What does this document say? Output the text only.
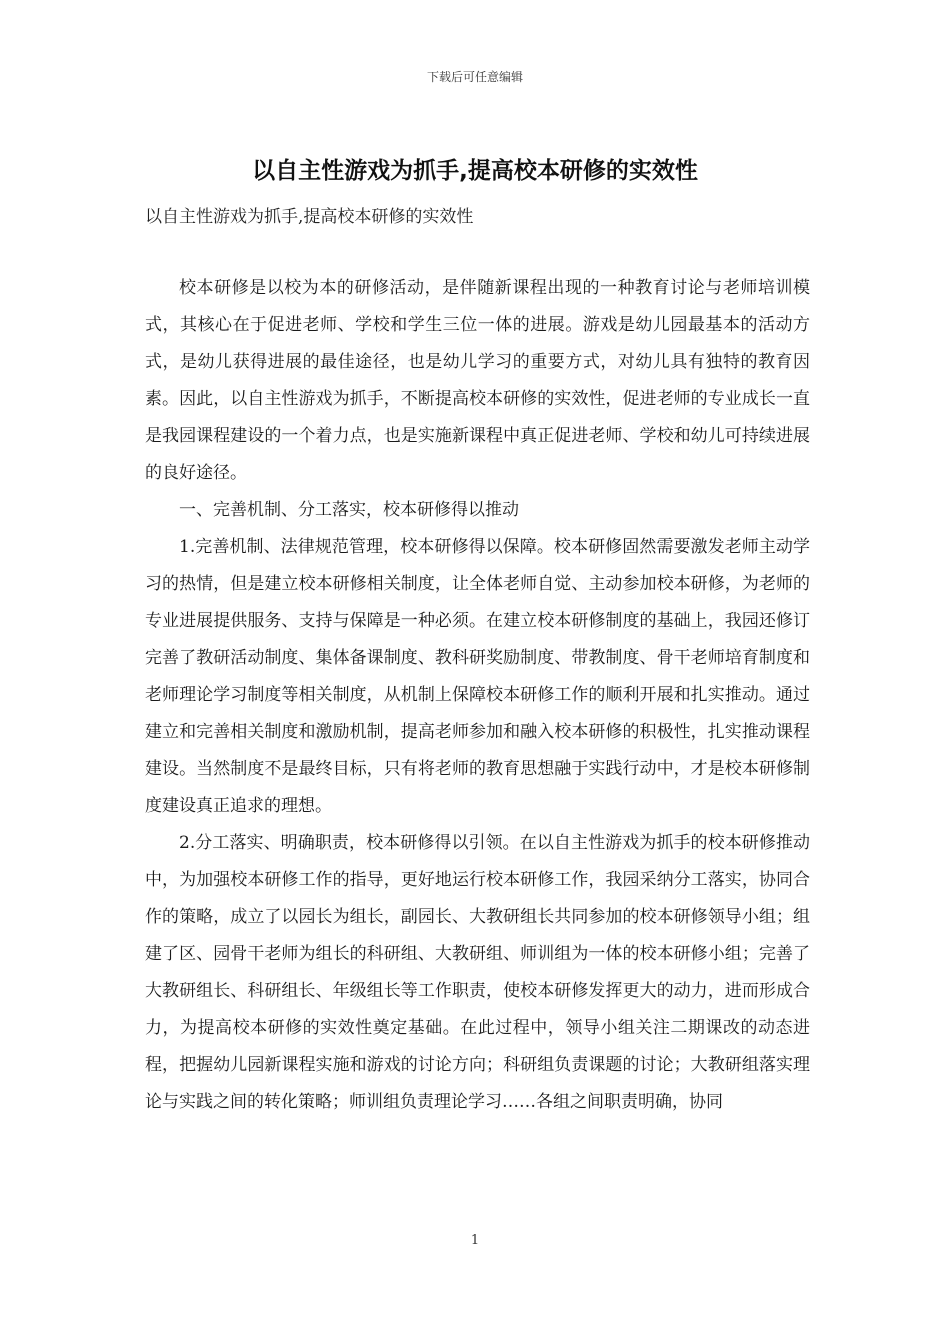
下载后可任意编辑
以自主性游戏为抓手,提高校本研修的实效性
以自主性游戏为抓手,提高校本研修的实效性

校本研修是以校为本的研修活动，是伴随新课程出现的一种教育讨论与老师培训模式，其核心在于促进老师、学校和学生三位一体的进展。游戏是幼儿园最基本的活动方式，是幼儿获得进展的最佳途径，也是幼儿学习的重要方式，对幼儿具有独特的教育因素。因此，以自主性游戏为抓手，不断提高校本研修的实效性，促进老师的专业成长一直是我园课程建设的一个着力点，也是实施新课程中真正促进老师、学校和幼儿可持续进展的良好途径。

一、完善机制、分工落实，校本研修得以推动

1.完善机制、法律规范管理，校本研修得以保障。校本研修固然需要激发老师主动学习的热情，但是建立校本研修相关制度，让全体老师自觉、主动参加校本研修，为老师的专业进展提供服务、支持与保障是一种必须。在建立校本研修制度的基础上，我园还修订完善了教研活动制度、集体备课制度、教科研奖励制度、带教制度、骨干老师培育制度和老师理论学习制度等相关制度，从机制上保障校本研修工作的顺利开展和扎实推动。通过建立和完善相关制度和激励机制，提高老师参加和融入校本研修的积极性，扎实推动课程建设。当然制度不是最终目标，只有将老师的教育思想融于实践行动中，才是校本研修制度建设真正追求的理想。

2.分工落实、明确职责，校本研修得以引领。在以自主性游戏为抓手的校本研修推动中，为加强校本研修工作的指导，更好地运行校本研修工作，我园采纳分工落实，协同合作的策略，成立了以园长为组长，副园长、大教研组长共同参加的校本研修领导小组；组建了区、园骨干老师为组长的科研组、大教研组、师训组为一体的校本研修小组；完善了大教研组长、科研组长、年级组长等工作职责，使校本研修发挥更大的动力，进而形成合力，为提高校本研修的实效性奠定基础。在此过程中，领导小组关注二期课改的动态进程，把握幼儿园新课程实施和游戏的讨论方向；科研组负责课题的讨论；大教研组落实理论与实践之间的转化策略；师训组负责理论学习……各组之间职责明确，协同

1
